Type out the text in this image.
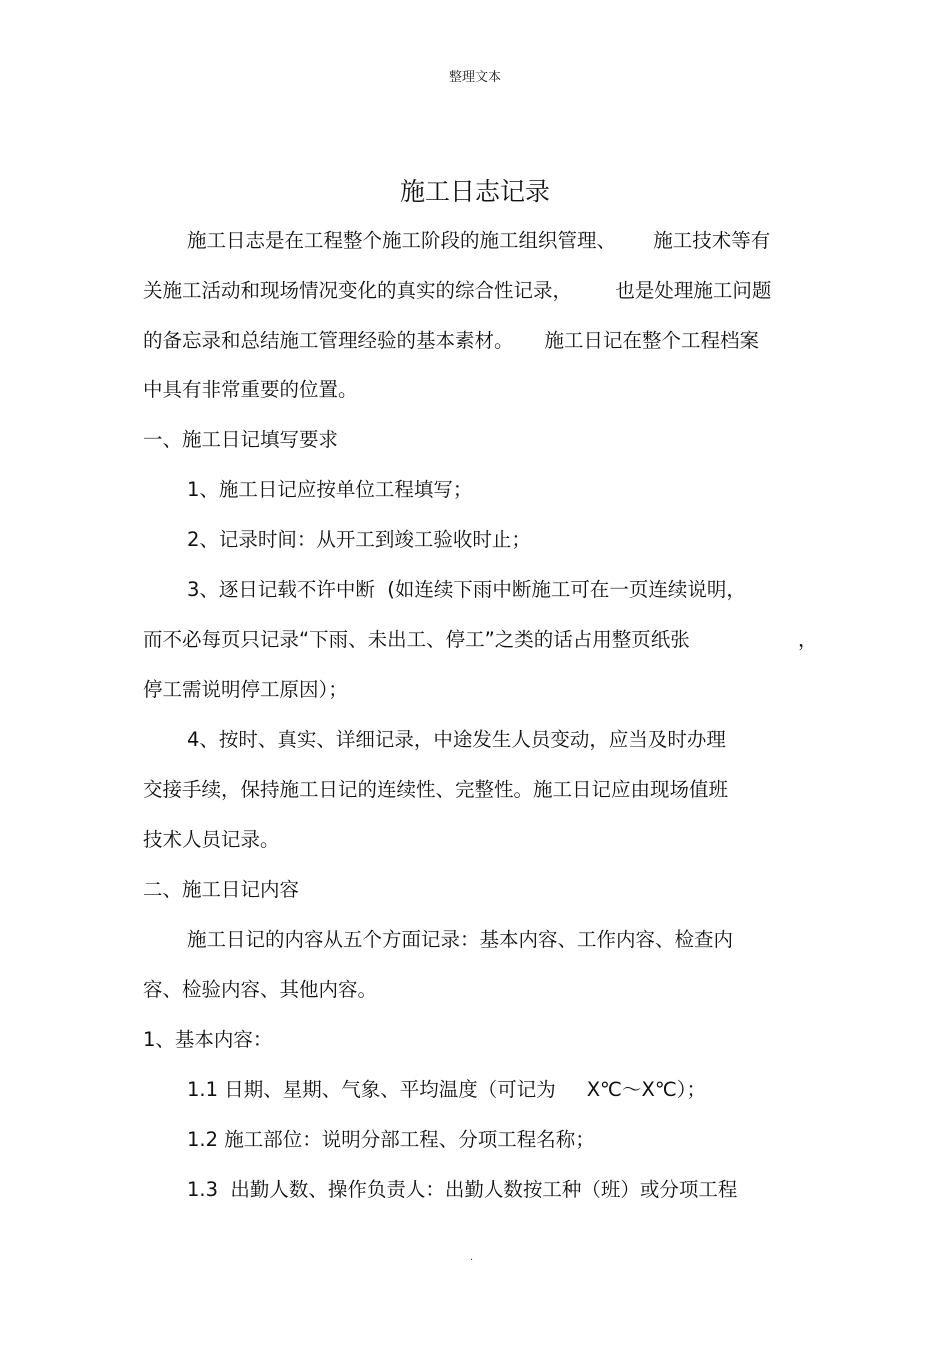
整理文本
施工日志记录
施工日志是在工程整个施工阶段的施工组织管理、      施工技术等有
关施工活动和现场情况变化的真实的综合性记录，       也是处理施工问题
的备忘录和总结施工管理经验的基本素材。     施工日记在整个工程档案
中具有非常重要的位置。
一、施工日记填写要求
1、施工日记应按单位工程填写；
2、记录时间：从开工到竣工验收时止；
3、逐日记载不许中断  (如连续下雨中断施工可在一页连续说明，
而不必每页只记录“下雨、未出工、停工”之类的话占用整页纸张	，
停工需说明停工原因）；
4、按时、真实、详细记录，中途发生人员变动，应当及时办理
交接手续，保持施工日记的连续性、完整性。施工日记应由现场值班
技术人员记录。
二、施工日记内容
施工日记的内容从五个方面记录：基本内容、工作内容、检查内
容、检验内容、其他内容。
1、基本内容：
1.1 日期、星期、气象、平均温度（可记为     X℃～X℃）；
1.2 施工部位：说明分部工程、分项工程名称；
1.3  出勤人数、操作负责人：出勤人数按工种（班）或分项工程
.
